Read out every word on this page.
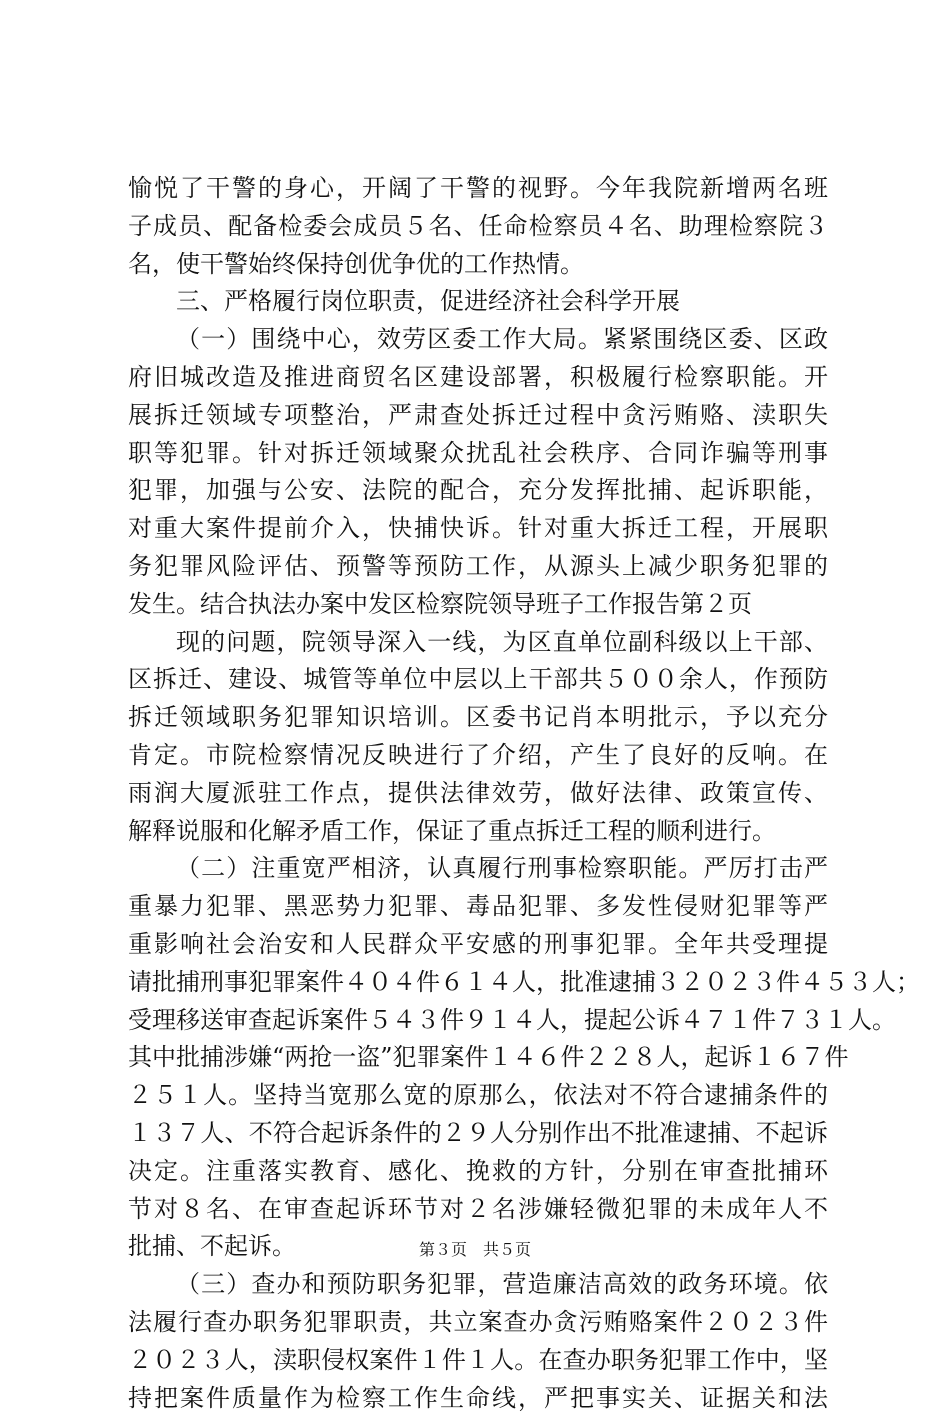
愉悦了干警的身心，开阔了干警的视野。今年我院新增两名班
子成员、配备检委会成员５名、任命检察员４名、助理检察院３
名，使干警始终保持创优争优的工作热情。
三、严格履行岗位职责，促进经济社会科学开展
（一）围绕中心，效劳区委工作大局。紧紧围绕区委、区政
府旧城改造及推进商贸名区建设部署，积极履行检察职能。开
展拆迁领域专项整治，严肃查处拆迁过程中贪污贿赂、渎职失
职等犯罪。针对拆迁领域聚众扰乱社会秩序、合同诈骗等刑事
犯罪，加强与公安、法院的配合，充分发挥批捕、起诉职能，
对重大案件提前介入，快捕快诉。针对重大拆迁工程，开展职
务犯罪风险评估、预警等预防工作，从源头上减少职务犯罪的
发生。结合执法办案中发区检察院领导班子工作报告第２页
现的问题，院领导深入一线，为区直单位副科级以上干部、
区拆迁、建设、城管等单位中层以上干部共５００余人，作预防
拆迁领域职务犯罪知识培训。区委书记肖本明批示，予以充分
肯定。市院检察情况反映进行了介绍，产生了良好的反响。在
雨润大厦派驻工作点，提供法律效劳，做好法律、政策宣传、
解释说服和化解矛盾工作，保证了重点拆迁工程的顺利进行。
（二）注重宽严相济，认真履行刑事检察职能。严厉打击严
重暴力犯罪、黑恶势力犯罪、毒品犯罪、多发性侵财犯罪等严
重影响社会治安和人民群众平安感的刑事犯罪。全年共受理提
请批捕刑事犯罪案件４０４件６１４人，批准逮捕３２０２３件４５３人；
受理移送审查起诉案件５４３件９１４人，提起公诉４７１件７３１人。
其中批捕涉嫌“两抢一盗”犯罪案件１４６件２２８人，起诉１６７件
２５１人。坚持当宽那么宽的原那么，依法对不符合逮捕条件的
１３７人、不符合起诉条件的２９人分别作出不批准逮捕、不起诉
决定。注重落实教育、感化、挽救的方针，分别在审查批捕环
节对８名、在审查起诉环节对２名涉嫌轻微犯罪的未成年人不
批捕、不起诉。
（三）查办和预防职务犯罪，营造廉洁高效的政务环境。依
法履行查办职务犯罪职责，共立案查办贪污贿赂案件２０２３件
２０２３人，渎职侵权案件１件１人。在查办职务犯罪工作中，坚
持把案件质量作为检察工作生命线，严把事实关、证据关和法
第３页　共５页
